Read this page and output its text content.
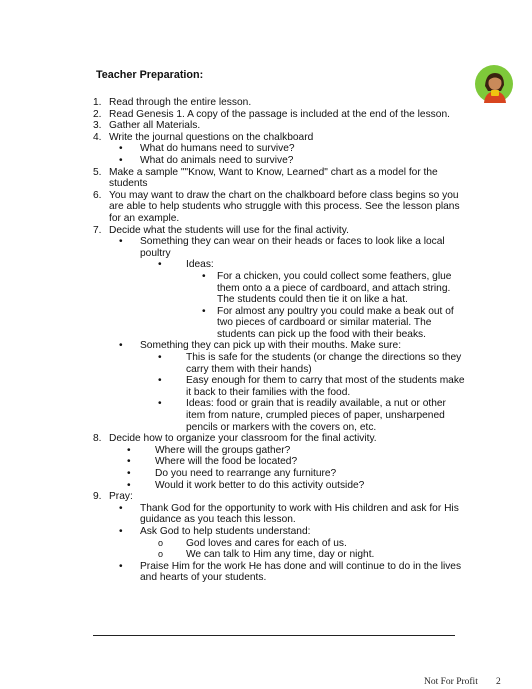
Teacher Preparation:
1. Read through the entire lesson.
2. Read Genesis 1. A copy of the passage is included at the end of the lesson.
3. Gather all Materials.
4. Write the journal questions on the chalkboard
• What do humans need to survive?
• What do animals need to survive?
5. Make a sample ""Know, Want to Know, Learned" chart as a model for the students
6. You may want to draw the chart on the chalkboard before class begins so you are able to help students who struggle with this process. See the lesson plans for an example.
7. Decide what the students will use for the final activity.
• Something they can wear on their heads or faces to look like a local poultry
• Ideas:
• For a chicken, you could collect some feathers, glue them onto a a piece of cardboard, and attach string. The students could then tie it on like a hat.
• For almost any poultry you could make a beak out of two pieces of cardboard or similar material. The students can pick up the food with their beaks.
• Something they can pick up with their mouths. Make sure:
• This is safe for the students (or change the directions so they carry them with their hands)
• Easy enough for them to carry that most of the students make it back to their families with the food.
• Ideas: food or grain that is readily available, a nut or other item from nature, crumpled pieces of paper, unsharpened pencils or markers with the covers on, etc.
8. Decide how to organize your classroom for the final activity.
• Where will the groups gather?
• Where will the food be located?
• Do you need to rearrange any furniture?
• Would it work better to do this activity outside?
9. Pray:
• Thank God for the opportunity to work with His children and ask for His guidance as you teach this lesson.
• Ask God to help students understand:
o God loves and cares for each of us.
o We can talk to Him any time, day or night.
• Praise Him for the work He has done and will continue to do in the lives and hearts of your students.
Not For Profit 2
